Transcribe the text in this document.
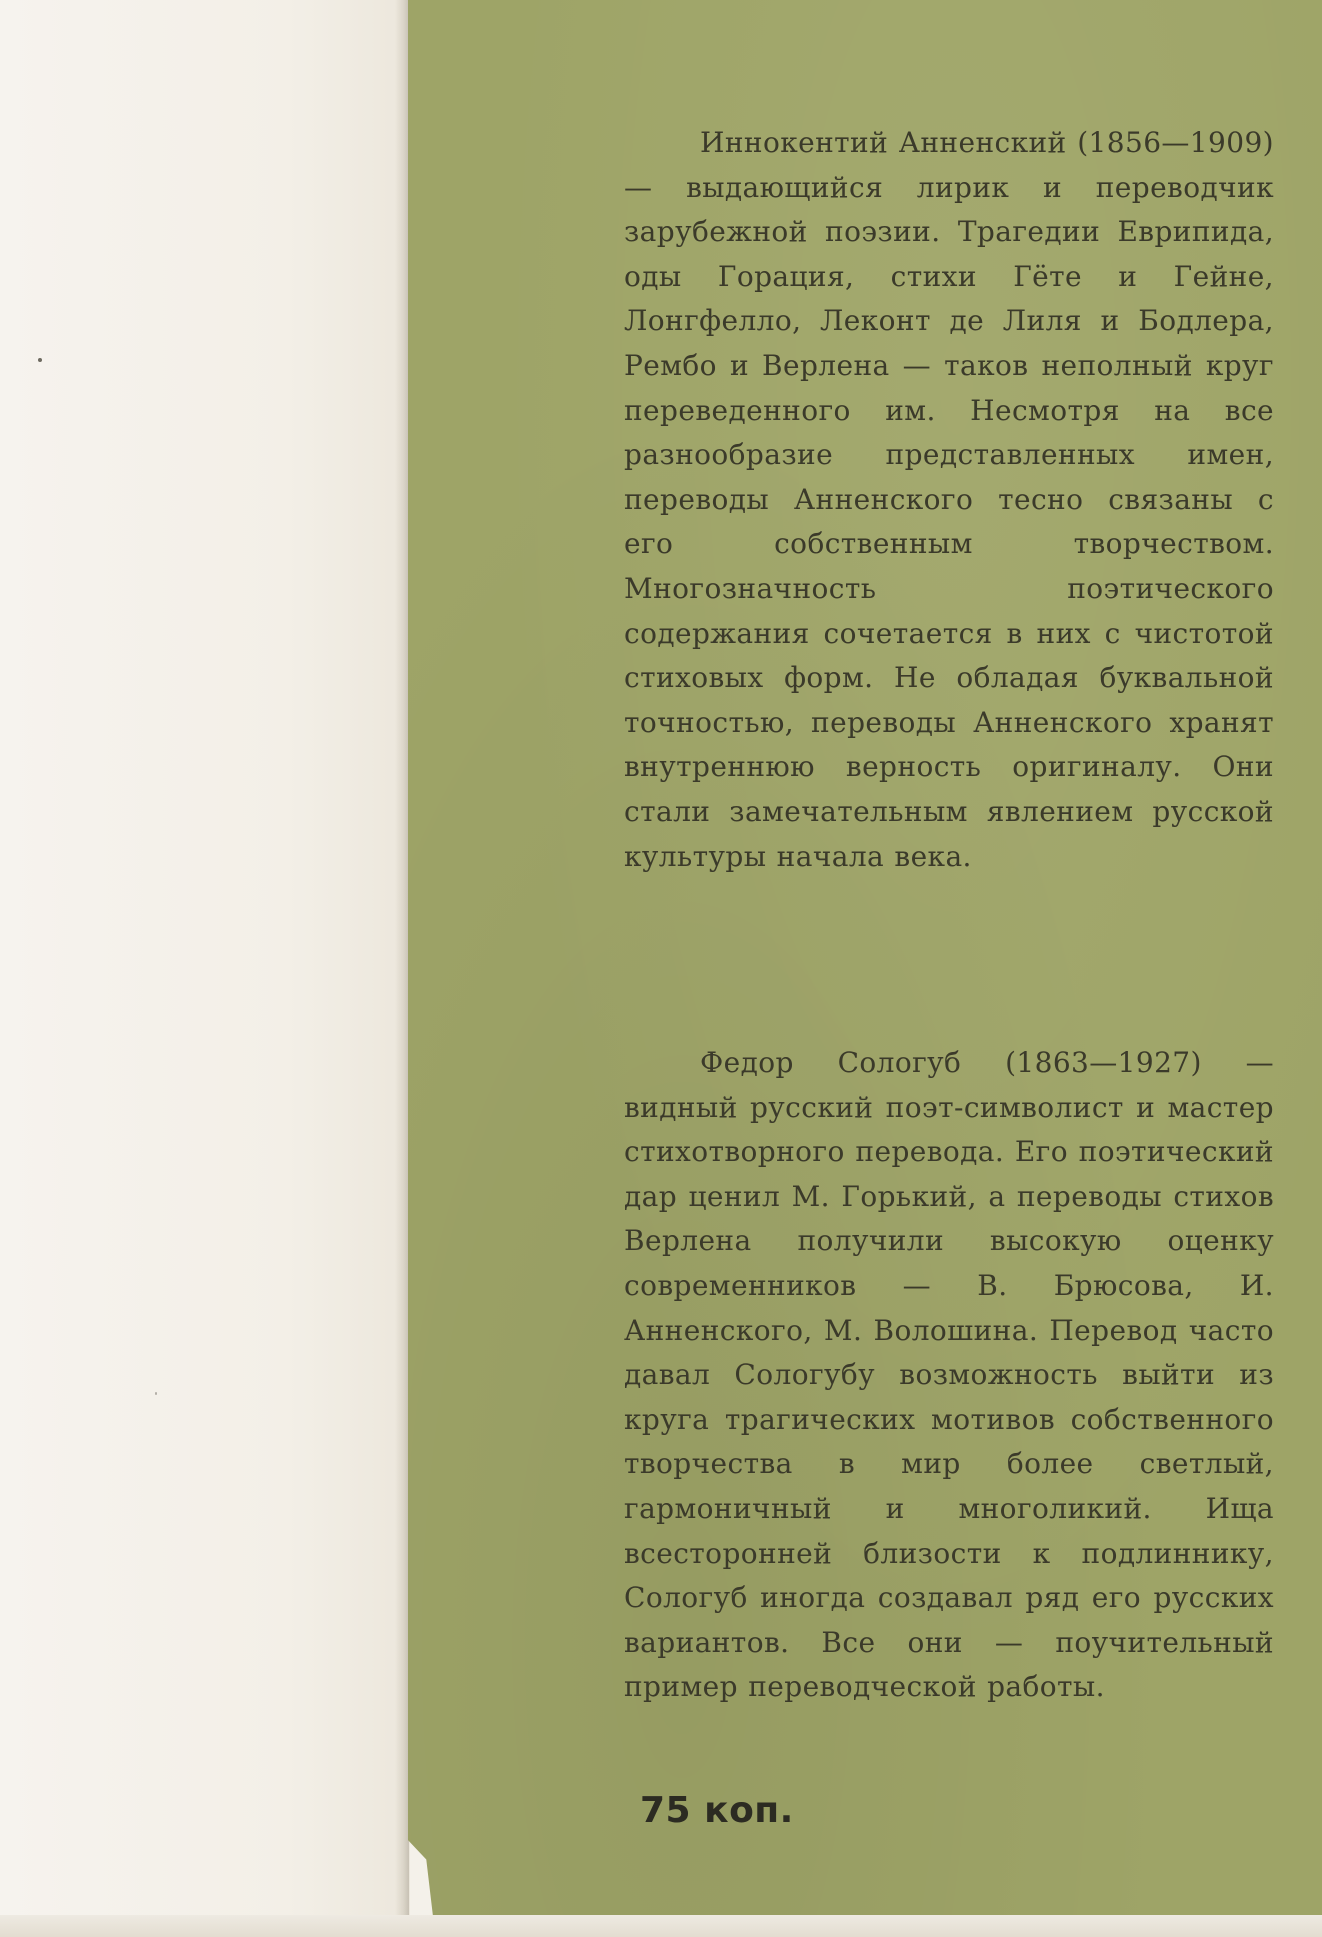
Иннокентий Анненский (1856—1909) — выдающийся лирик и переводчик зарубежной поэзии. Трагедии Еврипида, оды Горация, стихи Гёте и Гейне, Лонгфелло, Леконт де Лиля и Бодлера, Рембо и Верлена — таков неполный круг переведенного им. Несмотря на все разнообразие представленных имен, переводы Анненского тесно связаны с его собственным творчеством. Многозначность поэтического содержания сочетается в них с чистотой стиховых форм. Не обладая буквальной точностью, переводы Анненского хранят внутреннюю верность оригиналу. Они стали замечательным явлением русской культуры начала века.

Федор Сологуб (1863—1927) — видный русский поэт-символист и мастер стихотворного перевода. Его поэтический дар ценил М. Горький, а переводы стихов Верлена получили высокую оценку современников — В. Брюсова, И. Анненского, М. Волошина. Перевод часто давал Сологубу возможность выйти из круга трагических мотивов собственного творчества в мир более светлый, гармоничный и многоликий. Ища всесторонней близости к подлиннику, Сологуб иногда создавал ряд его русских вариантов. Все они — поучительный пример переводческой работы.

75 коп.
